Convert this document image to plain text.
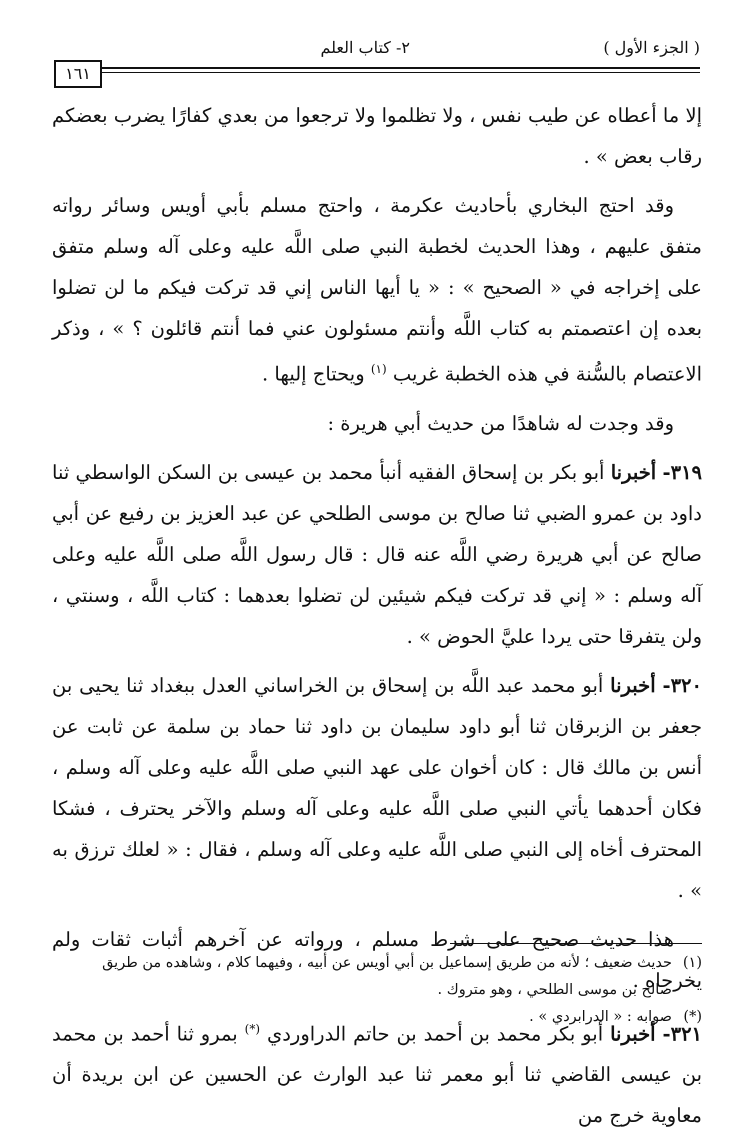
( الجزء الأول )
٢- كتاب العلم
١٦١

إلا ما أعطاه عن طيب نفس ، ولا تظلموا ولا ترجعوا من بعدي كفارًا يضرب بعضكم رقاب بعض » .

وقد احتج البخاري بأحاديث عكرمة ، واحتج مسلم بأبي أويس وسائر رواته متفق عليهم ، وهذا الحديث لخطبة النبي صلى اللَّه عليه وعلى آله وسلم متفق على إخراجه في « الصحيح » : « يا أيها الناس إني قد تركت فيكم ما لن تضلوا بعده إن اعتصمتم به كتاب اللَّه وأنتم مسئولون عني فما أنتم قائلون ؟ » ، وذكر الاعتصام بالسُّنة في هذه الخطبة غريب $^{(١)}$ ويحتاج إليها .

وقد وجدت له شاهدًا من حديث أبي هريرة :

٣١٩- أخبرنا أبو بكر بن إسحاق الفقيه أنبأ محمد بن عيسى بن السكن الواسطي ثنا داود بن عمرو الضبي ثنا صالح بن موسى الطلحي عن عبد العزيز بن رفيع عن أبي صالح عن أبي هريرة رضي اللَّه عنه قال : قال رسول اللَّه صلى اللَّه عليه وعلى آله وسلم : « إني قد تركت فيكم شيئين لن تضلوا بعدهما : كتاب اللَّه ، وسنتي ، ولن يتفرقا حتى يردا عليَّ الحوض » .

٣٢٠- أخبرنا أبو محمد عبد اللَّه بن إسحاق بن الخراساني العدل ببغداد ثنا يحيى بن جعفر بن الزبرقان ثنا أبو داود سليمان بن داود ثنا حماد بن سلمة عن ثابت عن أنس بن مالك قال : كان أخوان على عهد النبي صلى اللَّه عليه وعلى آله وسلم ، فكان أحدهما يأتي النبي صلى اللَّه عليه وعلى آله وسلم والآخر يحترف ، فشكا المحترف أخاه إلى النبي صلى اللَّه عليه وعلى آله وسلم ، فقال : « لعلك ترزق به » .

هذا حديث صحيح على شرط مسلم ، ورواته عن آخرهم أثبات ثقات ولم يخرجاه .

٣٢١- أخبرنا أبو بكر محمد بن أحمد بن حاتم الدراوردي (*) بمرو ثنا أحمد بن محمد بن عيسى القاضي ثنا أبو معمر ثنا عبد الوارث عن الحسين عن ابن بريدة أن معاوية خرج من

(١)حديث ضعيف ؛ لأنه من طريق إسماعيل بن أبي أويس عن أبيه ، وفيهما كلام ، وشاهده من طريق

صالح بن موسى الطلحي ، وهو متروك .

(*)صوابه : « الدرابردي » .
